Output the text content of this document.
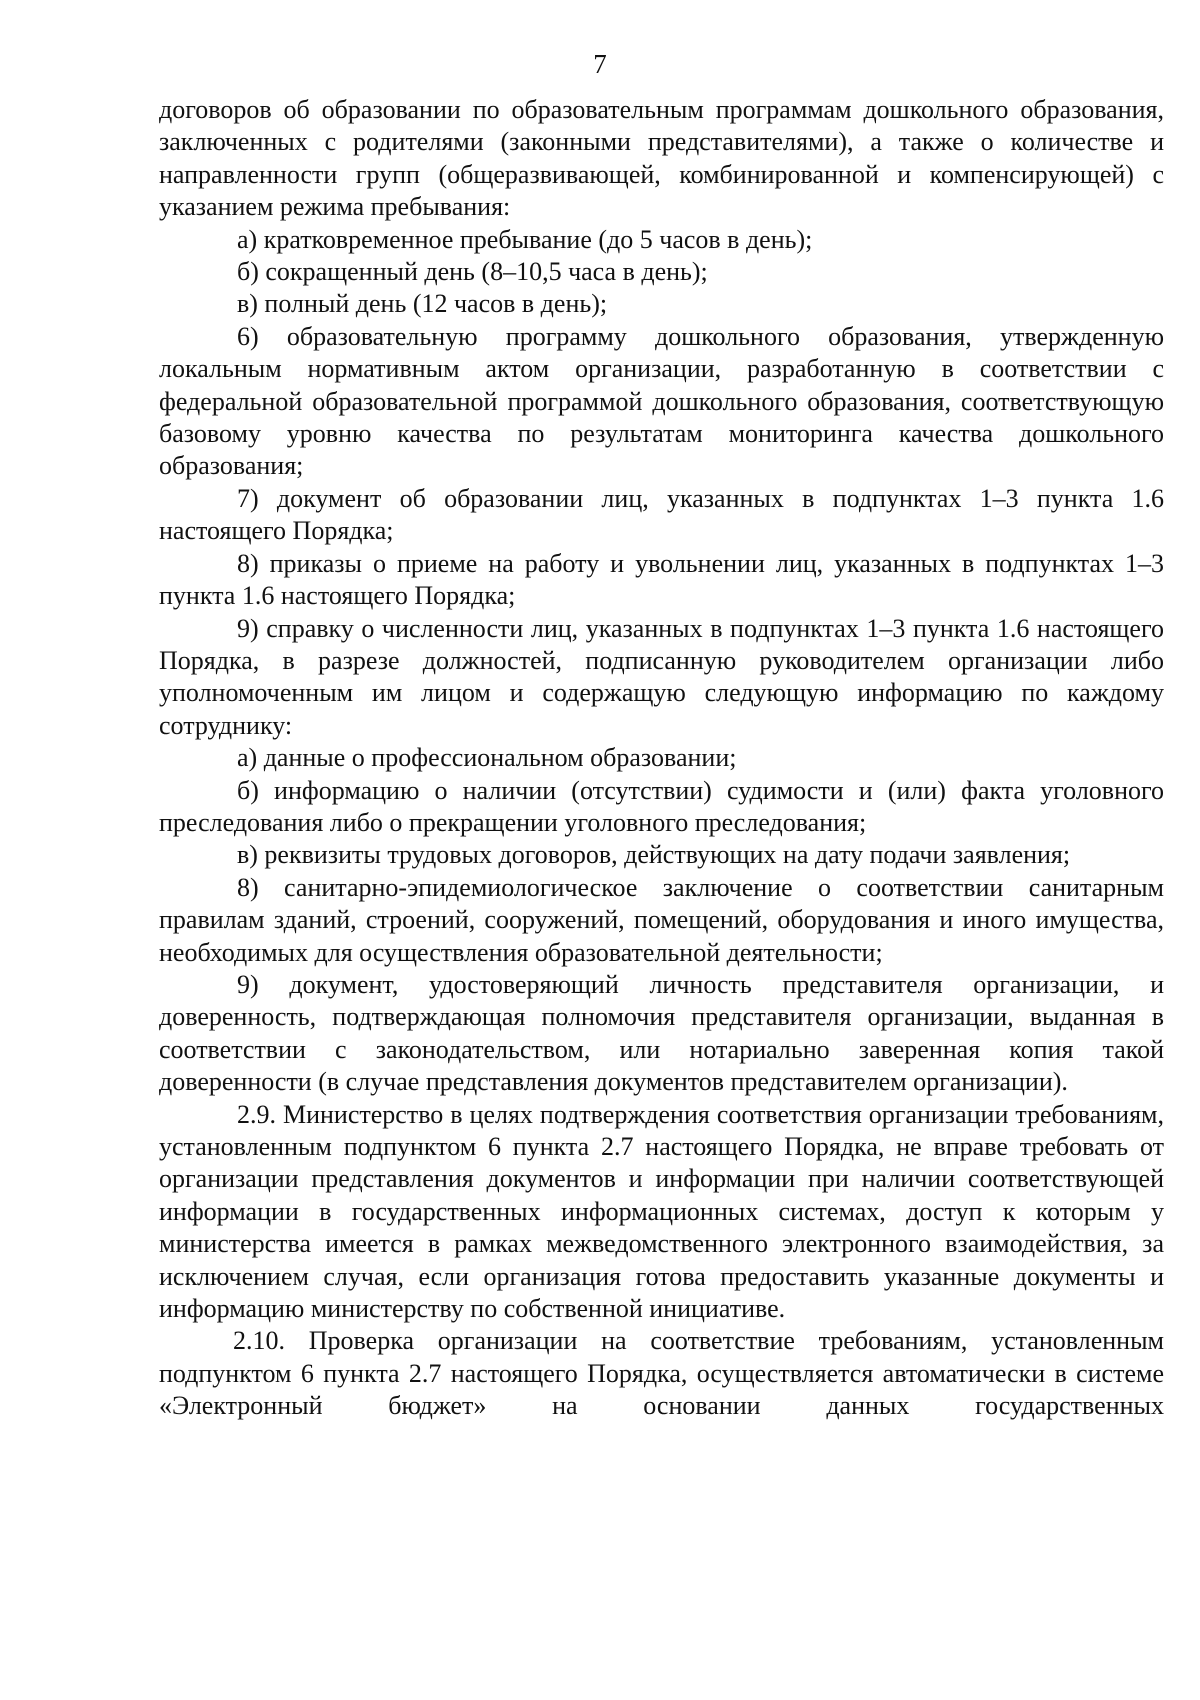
7

договоров об образовании по образовательным программам дошкольного образования, заключенных с родителями (законными представителями), а также о количестве и направленности групп (общеразвивающей, комбинированной и компенсирующей) с указанием режима пребывания:

а) кратковременное пребывание (до 5 часов в день);

б) сокращенный день (8–10,5 часа в день);

в) полный день (12 часов в день);

6) образовательную программу дошкольного образования, утвержденную локальным нормативным актом организации, разработанную в соответствии с федеральной образовательной программой дошкольного образования, соответствующую базовому уровню качества по результатам мониторинга качества дошкольного образования;

7) документ об образовании лиц, указанных в подпунктах 1–3 пункта 1.6 настоящего Порядка;

8) приказы о приеме на работу и увольнении лиц, указанных в подпунктах 1–3 пункта 1.6 настоящего Порядка;

9) справку о численности лиц, указанных в подпунктах 1–3 пункта 1.6 настоящего Порядка, в разрезе должностей, подписанную руководителем организации либо уполномоченным им лицом и содержащую следующую информацию по каждому сотруднику:

а) данные о профессиональном образовании;

б) информацию о наличии (отсутствии) судимости и (или) факта уголовного преследования либо о прекращении уголовного преследования;

в) реквизиты трудовых договоров, действующих на дату подачи заявления;

8) санитарно-эпидемиологическое заключение о соответствии санитарным правилам зданий, строений, сооружений, помещений, оборудования и иного имущества, необходимых для осуществления образовательной деятельности;

9) документ, удостоверяющий личность представителя организации, и доверенность, подтверждающая полномочия представителя организации, выданная в соответствии с законодательством, или нотариально заверенная копия такой доверенности (в случае представления документов представителем организации).

2.9. Министерство в целях подтверждения соответствия организации требованиям, установленным подпунктом 6 пункта 2.7 настоящего Порядка, не вправе требовать от организации представления документов и информации при наличии соответствующей информации в государственных информационных системах, доступ к которым у министерства имеется в рамках межведомственного электронного взаимодействия, за исключением случая, если организация готова предоставить указанные документы и информацию министерству по собственной инициативе.

2.10. Проверка организации на соответствие требованиям, установленным подпунктом 6 пункта 2.7 настоящего Порядка, осуществляется автоматически в системе «Электронный бюджет» на основании данных государственных
